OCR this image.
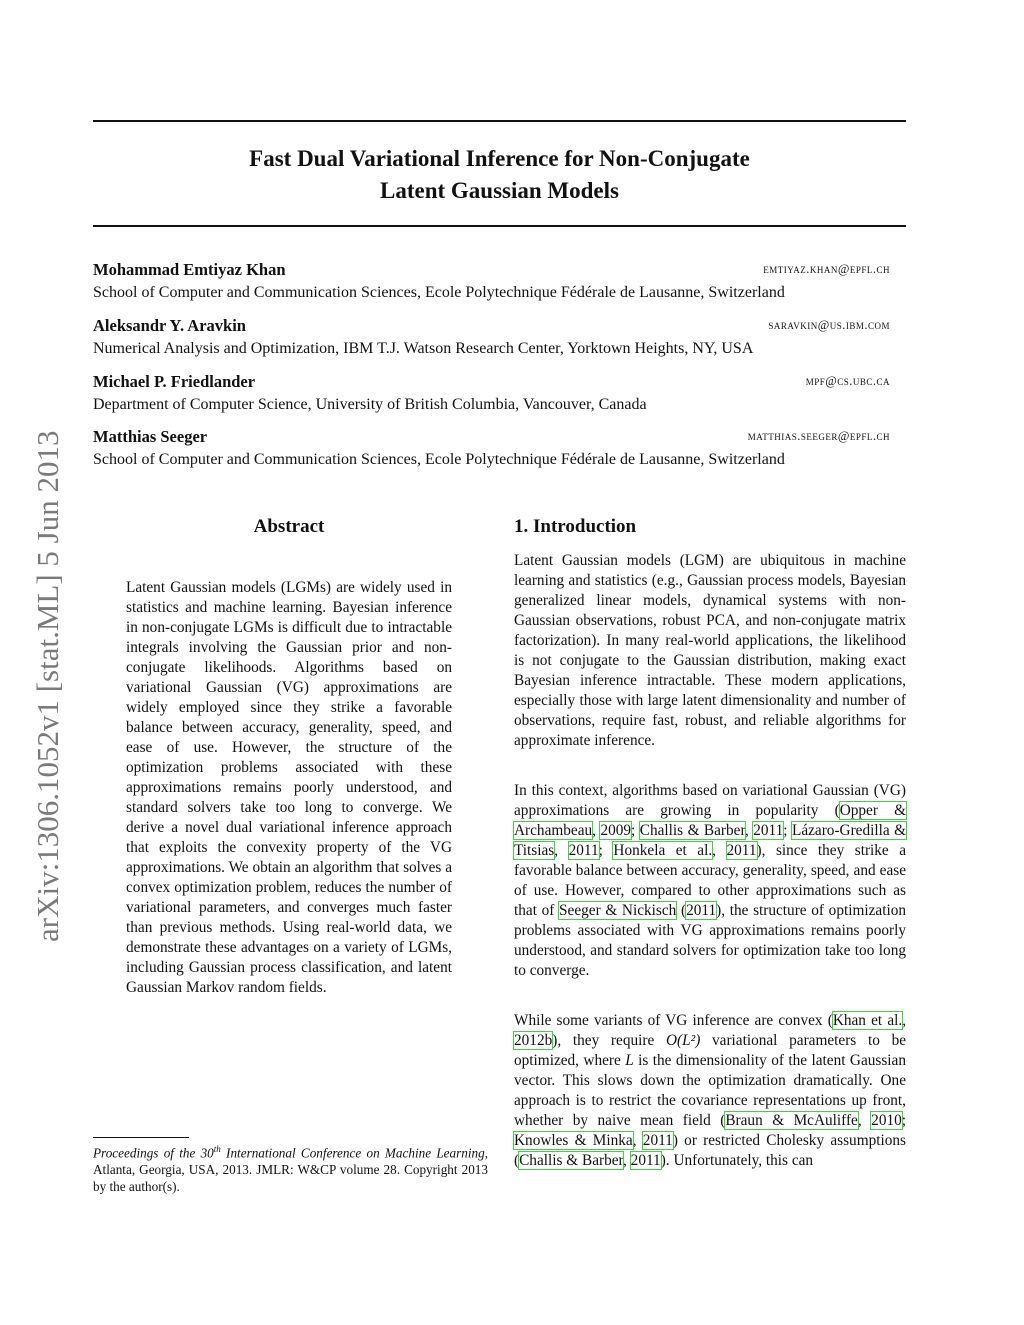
Fast Dual Variational Inference for Non-Conjugate
Latent Gaussian Models
Mohammad Emtiyaz Khan	emtiyaz.khan@epfl.ch
School of Computer and Communication Sciences, Ecole Polytechnique Fédérale de Lausanne, Switzerland
Aleksandr Y. Aravkin	saravkin@us.ibm.com
Numerical Analysis and Optimization, IBM T.J. Watson Research Center, Yorktown Heights, NY, USA
Michael P. Friedlander	mpf@cs.ubc.ca
Department of Computer Science, University of British Columbia, Vancouver, Canada
Matthias Seeger	matthias.seeger@epfl.ch
School of Computer and Communication Sciences, Ecole Polytechnique Fédérale de Lausanne, Switzerland
arXiv:1306.1052v1 [stat.ML] 5 Jun 2013	Abstract
Latent Gaussian models (LGMs) are widely used in statistics and machine learning. Bayesian inference in non-conjugate LGMs is difficult due to intractable integrals involving the Gaussian prior and non-conjugate likelihoods. Algorithms based on variational Gaussian (VG) approximations are widely employed since they strike a favorable balance between accuracy, generality, speed, and ease of use. However, the structure of the optimization problems associated with these approximations remains poorly understood, and standard solvers take too long to converge. We derive a novel dual variational inference approach that exploits the convexity property of the VG approximations. We obtain an algorithm that solves a convex optimization problem, reduces the number of variational parameters, and converges much faster than previous methods. Using real-world data, we demonstrate these advantages on a variety of LGMs, including Gaussian process classification, and latent Gaussian Markov random fields.
Proceedings of the 30th International Conference on Machine Learning, Atlanta, Georgia, USA, 2013. JMLR: W&CP volume 28. Copyright 2013 by the author(s).
1. Introduction
Latent Gaussian models (LGM) are ubiquitous in machine learning and statistics (e.g., Gaussian process models, Bayesian generalized linear models, dynamical systems with non-Gaussian observations, robust PCA, and non-conjugate matrix factorization). In many real-world applications, the likelihood is not conjugate to the Gaussian distribution, making exact Bayesian inference intractable. These modern applications, especially those with large latent dimensionality and number of observations, require fast, robust, and reliable algorithms for approximate inference.
In this context, algorithms based on variational Gaussian (VG) approximations are growing in popularity (Opper & Archambeau, 2009; Challis & Barber, 2011; Lázaro-Gredilla & Titsias, 2011; Honkela et al., 2011), since they strike a favorable balance between accuracy, generality, speed, and ease of use. However, compared to other approximations such as that of Seeger & Nickisch (2011), the structure of optimization problems associated with VG approximations remains poorly understood, and standard solvers for optimization take too long to converge.
While some variants of VG inference are convex (Khan et al., 2012b), they require O(L²) variational parameters to be optimized, where L is the dimensionality of the latent Gaussian vector. This slows down the optimization dramatically. One approach is to restrict the covariance representations up front, whether by naive mean field (Braun & McAuliffe, 2010; Knowles & Minka, 2011) or restricted Cholesky assumptions (Challis & Barber, 2011). Unfortunately, this can
